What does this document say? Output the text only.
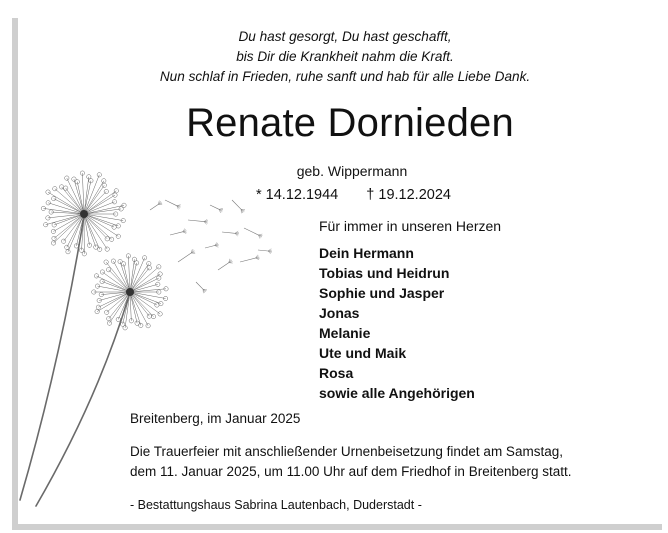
Du hast gesorgt, Du hast geschafft,
bis Dir die Krankheit nahm die Kraft.
Nun schlaf in Frieden, ruhe sanft und hab für alle Liebe Dank.
Renate Dornieden
geb. Wippermann
* 14.12.1944 † 19.12.2024
Für immer in unseren Herzen
Dein Hermann
Tobias und Heidrun
Sophie und Jasper
Jonas
Melanie
Ute und Maik
Rosa
sowie alle Angehörigen
Breitenberg, im Januar 2025
Die Trauerfeier mit anschließender Urnenbeisetzung findet am Samstag,
dem 11. Januar 2025, um 11.00 Uhr auf dem Friedhof in Breitenberg statt.
- Bestattungshaus Sabrina Lautenbach, Duderstadt -
